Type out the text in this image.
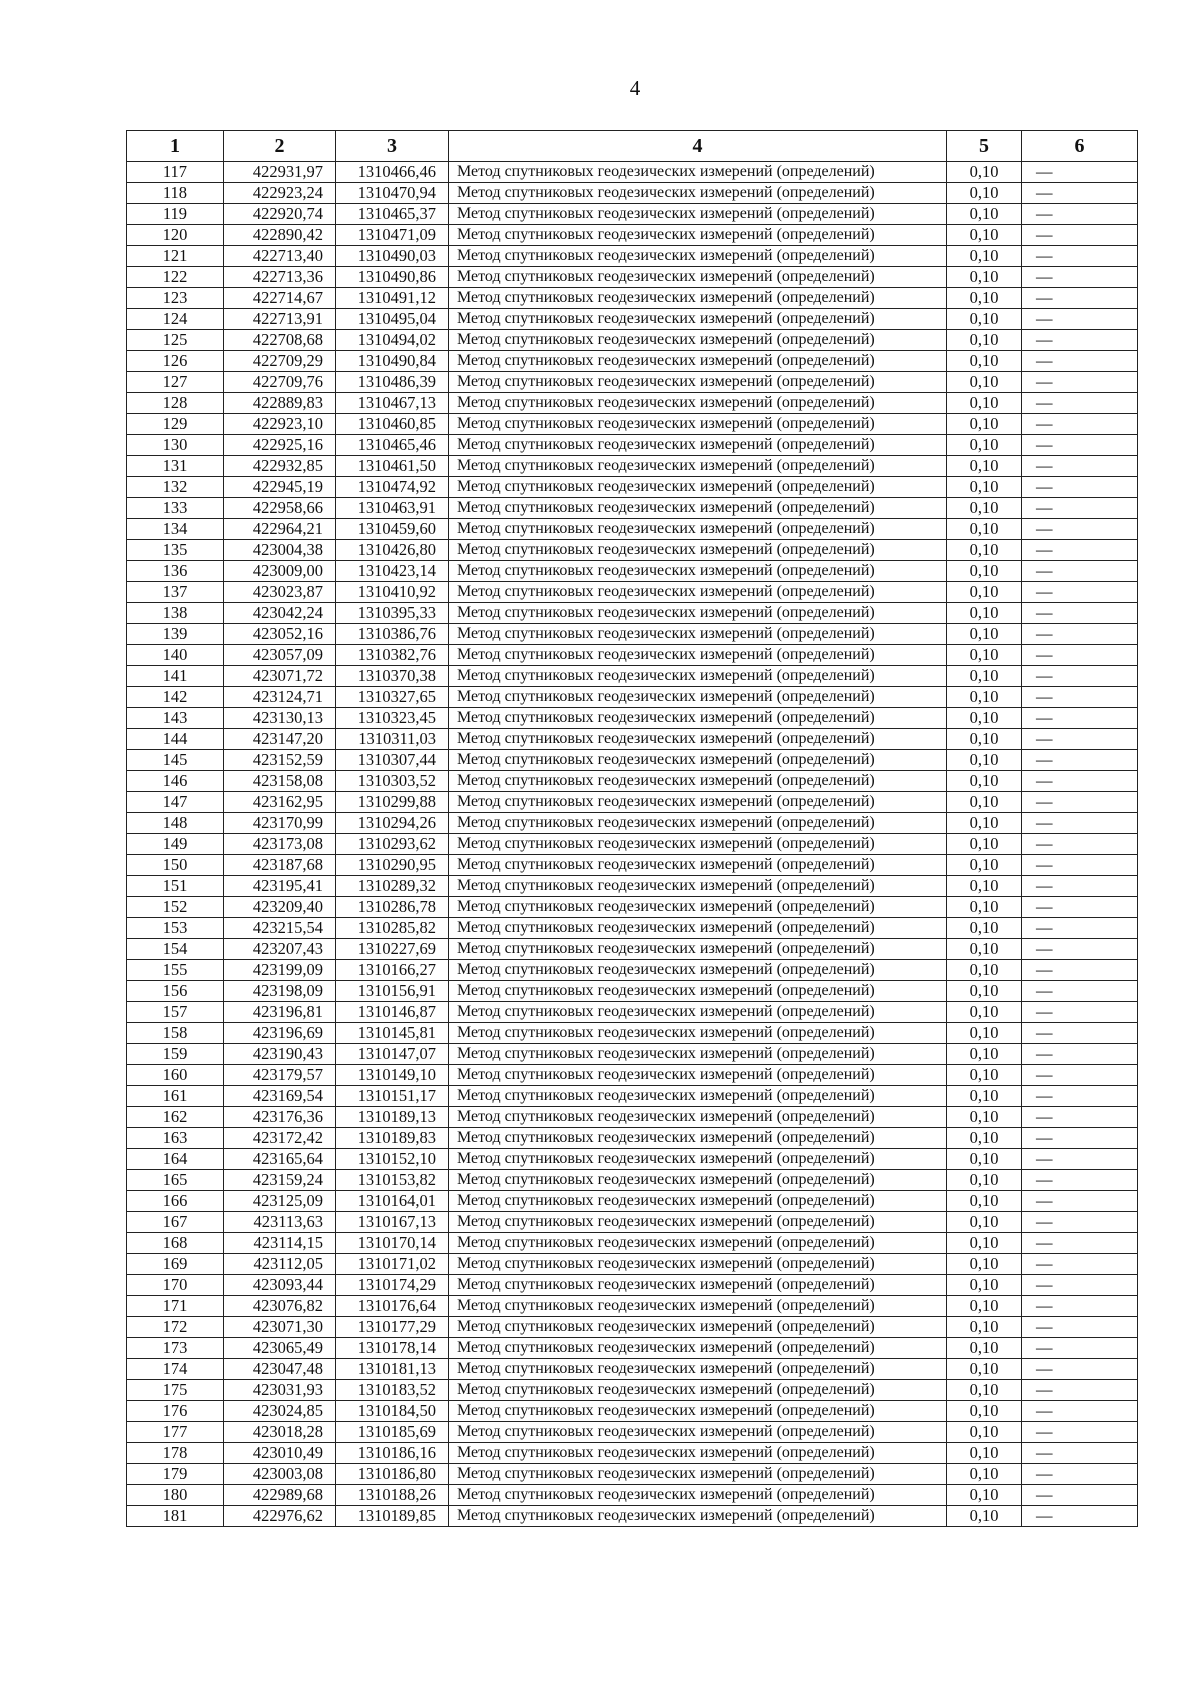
4
1	2	3	4	5	6
117	422931,97	1310466,46	Метод спутниковых геодезических измерений (определений)	0,10	—
118	422923,24	1310470,94	Метод спутниковых геодезических измерений (определений)	0,10	—
119	422920,74	1310465,37	Метод спутниковых геодезических измерений (определений)	0,10	—
120	422890,42	1310471,09	Метод спутниковых геодезических измерений (определений)	0,10	—
121	422713,40	1310490,03	Метод спутниковых геодезических измерений (определений)	0,10	—
122	422713,36	1310490,86	Метод спутниковых геодезических измерений (определений)	0,10	—
123	422714,67	1310491,12	Метод спутниковых геодезических измерений (определений)	0,10	—
124	422713,91	1310495,04	Метод спутниковых геодезических измерений (определений)	0,10	—
125	422708,68	1310494,02	Метод спутниковых геодезических измерений (определений)	0,10	—
126	422709,29	1310490,84	Метод спутниковых геодезических измерений (определений)	0,10	—
127	422709,76	1310486,39	Метод спутниковых геодезических измерений (определений)	0,10	—
128	422889,83	1310467,13	Метод спутниковых геодезических измерений (определений)	0,10	—
129	422923,10	1310460,85	Метод спутниковых геодезических измерений (определений)	0,10	—
130	422925,16	1310465,46	Метод спутниковых геодезических измерений (определений)	0,10	—
131	422932,85	1310461,50	Метод спутниковых геодезических измерений (определений)	0,10	—
132	422945,19	1310474,92	Метод спутниковых геодезических измерений (определений)	0,10	—
133	422958,66	1310463,91	Метод спутниковых геодезических измерений (определений)	0,10	—
134	422964,21	1310459,60	Метод спутниковых геодезических измерений (определений)	0,10	—
135	423004,38	1310426,80	Метод спутниковых геодезических измерений (определений)	0,10	—
136	423009,00	1310423,14	Метод спутниковых геодезических измерений (определений)	0,10	—
137	423023,87	1310410,92	Метод спутниковых геодезических измерений (определений)	0,10	—
138	423042,24	1310395,33	Метод спутниковых геодезических измерений (определений)	0,10	—
139	423052,16	1310386,76	Метод спутниковых геодезических измерений (определений)	0,10	—
140	423057,09	1310382,76	Метод спутниковых геодезических измерений (определений)	0,10	—
141	423071,72	1310370,38	Метод спутниковых геодезических измерений (определений)	0,10	—
142	423124,71	1310327,65	Метод спутниковых геодезических измерений (определений)	0,10	—
143	423130,13	1310323,45	Метод спутниковых геодезических измерений (определений)	0,10	—
144	423147,20	1310311,03	Метод спутниковых геодезических измерений (определений)	0,10	—
145	423152,59	1310307,44	Метод спутниковых геодезических измерений (определений)	0,10	—
146	423158,08	1310303,52	Метод спутниковых геодезических измерений (определений)	0,10	—
147	423162,95	1310299,88	Метод спутниковых геодезических измерений (определений)	0,10	—
148	423170,99	1310294,26	Метод спутниковых геодезических измерений (определений)	0,10	—
149	423173,08	1310293,62	Метод спутниковых геодезических измерений (определений)	0,10	—
150	423187,68	1310290,95	Метод спутниковых геодезических измерений (определений)	0,10	—
151	423195,41	1310289,32	Метод спутниковых геодезических измерений (определений)	0,10	—
152	423209,40	1310286,78	Метод спутниковых геодезических измерений (определений)	0,10	—
153	423215,54	1310285,82	Метод спутниковых геодезических измерений (определений)	0,10	—
154	423207,43	1310227,69	Метод спутниковых геодезических измерений (определений)	0,10	—
155	423199,09	1310166,27	Метод спутниковых геодезических измерений (определений)	0,10	—
156	423198,09	1310156,91	Метод спутниковых геодезических измерений (определений)	0,10	—
157	423196,81	1310146,87	Метод спутниковых геодезических измерений (определений)	0,10	—
158	423196,69	1310145,81	Метод спутниковых геодезических измерений (определений)	0,10	—
159	423190,43	1310147,07	Метод спутниковых геодезических измерений (определений)	0,10	—
160	423179,57	1310149,10	Метод спутниковых геодезических измерений (определений)	0,10	—
161	423169,54	1310151,17	Метод спутниковых геодезических измерений (определений)	0,10	—
162	423176,36	1310189,13	Метод спутниковых геодезических измерений (определений)	0,10	—
163	423172,42	1310189,83	Метод спутниковых геодезических измерений (определений)	0,10	—
164	423165,64	1310152,10	Метод спутниковых геодезических измерений (определений)	0,10	—
165	423159,24	1310153,82	Метод спутниковых геодезических измерений (определений)	0,10	—
166	423125,09	1310164,01	Метод спутниковых геодезических измерений (определений)	0,10	—
167	423113,63	1310167,13	Метод спутниковых геодезических измерений (определений)	0,10	—
168	423114,15	1310170,14	Метод спутниковых геодезических измерений (определений)	0,10	—
169	423112,05	1310171,02	Метод спутниковых геодезических измерений (определений)	0,10	—
170	423093,44	1310174,29	Метод спутниковых геодезических измерений (определений)	0,10	—
171	423076,82	1310176,64	Метод спутниковых геодезических измерений (определений)	0,10	—
172	423071,30	1310177,29	Метод спутниковых геодезических измерений (определений)	0,10	—
173	423065,49	1310178,14	Метод спутниковых геодезических измерений (определений)	0,10	—
174	423047,48	1310181,13	Метод спутниковых геодезических измерений (определений)	0,10	—
175	423031,93	1310183,52	Метод спутниковых геодезических измерений (определений)	0,10	—
176	423024,85	1310184,50	Метод спутниковых геодезических измерений (определений)	0,10	—
177	423018,28	1310185,69	Метод спутниковых геодезических измерений (определений)	0,10	—
178	423010,49	1310186,16	Метод спутниковых геодезических измерений (определений)	0,10	—
179	423003,08	1310186,80	Метод спутниковых геодезических измерений (определений)	0,10	—
180	422989,68	1310188,26	Метод спутниковых геодезических измерений (определений)	0,10	—
181	422976,62	1310189,85	Метод спутниковых геодезических измерений (определений)	0,10	—
